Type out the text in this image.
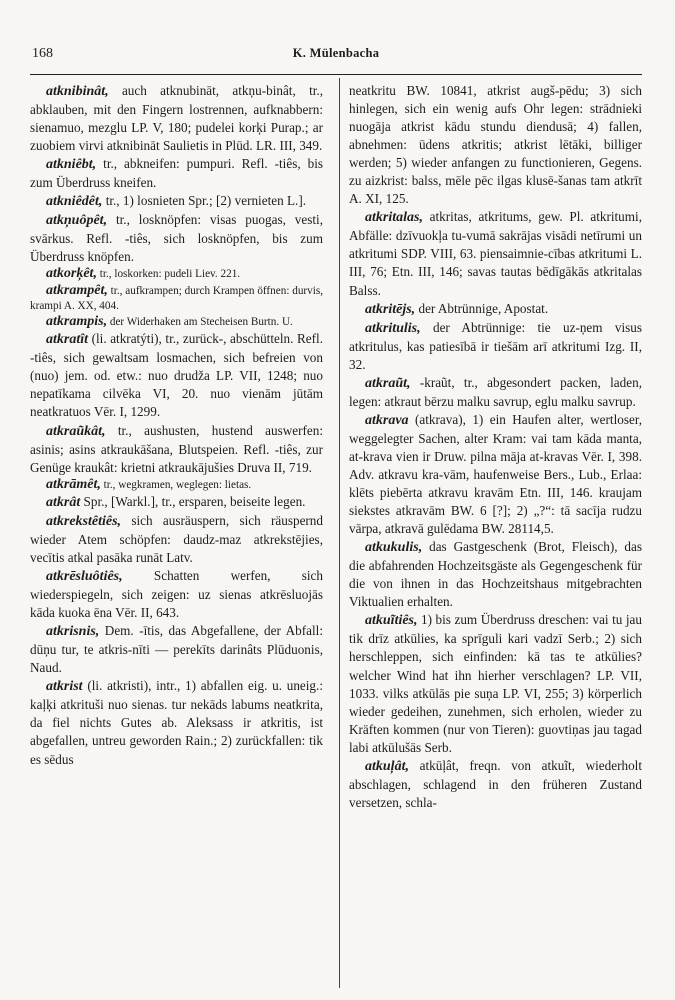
168	K. Mülenbacha

atknibinât, auch atknubināt, atkņu-binât, tr., abklauben, mit den Fingern lostrennen, aufknabbern: sienamuo, mezglu LP. V, 180; pudelei korķi Purap.; ar zuobiem virvi atknibināt Saulietis in Plūd. LR. III, 349.

atkniêbt, tr., abkneifen: pumpuri. Refl. -tiês, bis zum Überdruss kneifen.

atkniêdêt, tr., 1) losnieten Spr.; [2) vernieten L.].

atkņuôpêt, tr., losknöpfen: visas puogas, vesti, svārkus. Refl. -tiês, sich losknöpfen, bis zum Überdruss knöpfen.

atkorķêt, tr., loskorken: pudeli Liev. 221.

atkrampêt, tr., aufkrampen; durch Krampen öffnen: durvis, krampi A. XX, 404.

atkrampis, der Widerhaken am Stecheisen Burtn. U.

atkratît (li. atkratýti), tr., zurück-, abschütteln. Refl. -tiês, sich gewaltsam losmachen, sich befreien von (nuo) jem. od. etw.: nuo drudža LP. VII, 1248; nuo nepatīkama cilvēka VI, 20. nuo vienām jūtām neatkratuos Vēr. I, 1299.

atkraũkât, tr., aushusten, hustend auswerfen: asinis; asins atkraukāšana, Blutspeien. Refl. -tiês, zur Genüge kraukât: krietni atkraukājušies Druva II, 719.

atkrāmêt, tr., wegkramen, weglegen: lietas.

atkrât Spr., [Warkl.], tr., ersparen, beiseite legen.

atkrekstêtiês, sich ausräuspern, sich räuspernd wieder Atem schöpfen: daudz-maz atkrekstējies, vecītis atkal pasāka runāt Latv.

atkrēsluôtiês, Schatten werfen, sich wiederspiegeln, sich zeigen: uz sienas atkrēsluojās kāda kuoka ēna Vēr. II, 643.

atkrisnis, Dem. -ītis, das Abgefallene, der Abfall: dūņu tur, te atkris-nīti — perekīts darinâts Plūduonis, Naud.

atkrist (li. atkristi), intr., 1) abfallen eig. u. uneig.: kaļķi atkrituši nuo sienas. tur nekāds labums neatkrita, da fiel nichts Gutes ab. Aleksass ir atkritis, ist abgefallen, untreu geworden Rain.; 2) zurückfallen: tik es sēdus

neatkritu BW. 10841, atkrist augš-pēdu; 3) sich hinlegen, sich ein wenig aufs Ohr legen: strādnieki nuogāja atkrist kādu stundu diendusā; 4) fallen, abnehmen: ūdens atkritis; atkrist lētāki, billiger werden; 5) wieder anfangen zu functionieren, Gegens. zu aizkrist: balss, mēle pēc ilgas klusē-šanas tam atkrīt A. XI, 125.

atkritalas, atkritas, atkritums, gew. Pl. atkritumi, Abfälle: dzīvuokļa tu-vumā sakrājas visādi netīrumi un atkritumi SDP. VIII, 63. piensaimnie-cības atkritumi L. III, 76; Etn. III, 146; savas tautas bēdīgākās atkritalas Balss.

atkritējs, der Abtrünnige, Apostat.

atkritulis, der Abtrünnige: tie uz-ņem visus atkritulus, kas patiesībā ir tiešām arī atkritumi Izg. II, 32.

atkraũt, -kraũt, tr., abgesondert packen, laden, legen: atkraut bērzu malku savrup, eglu malku savrup.

atkrava (atkrava), 1) ein Haufen alter, wertloser, weggelegter Sachen, alter Kram: vai tam kāda manta, at-krava vien ir Druw. pilna māja at-kravas Vēr. I, 398. Adv. atkravu kra-vām, haufenweise Bers., Lub., Erlaa: klēts piebērta atkravu kravām Etn. III, 146. kraujam siekstes atkravām BW. 6 [?]; 2) „?“: tā sacīja rudzu vārpa, atkravā gulēdama BW. 28114,5.

atkukulis, das Gastgeschenk (Brot, Fleisch), das die abfahrenden Hochzeitsgäste als Gegengeschenk für die von ihnen in das Hochzeitshaus mitgebrachten Viktualien erhalten.

atkuĩtiês, 1) bis zum Überdruss dreschen: vai tu jau tik drīz atkūlies, ka sprīguli kari vadzī Serb.; 2) sich herschleppen, sich einfinden: kā tas te atkūlies? welcher Wind hat ihn hierher verschlagen? LP. VII, 1033. vilks atkūlās pie suņa LP. VI, 255; 3) körperlich wieder gedeihen, zunehmen, sich erholen, wieder zu Kräften kommen (nur von Tieren): guovtiņas jau tagad labi atkūlušās Serb.

atkuļât, atkūļât, freqn. von atkuĩt, wiederholt abschlagen, schlagend in den früheren Zustand versetzen, schla-
